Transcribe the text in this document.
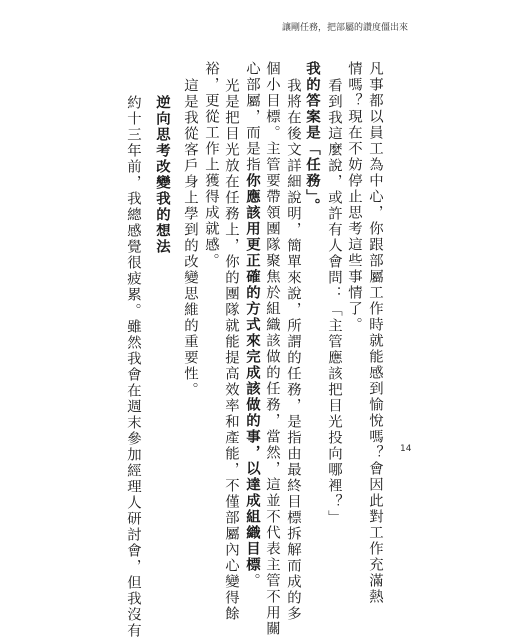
讓剛任務，把部屬的讚度僵出來
凡事都以員工為中心，你跟部屬工作時就能感到愉悅嗎？會因此對工作充滿熱
情嗎？現在不妨停止思考這些事情了。
看到我這麼說，或許有人會問：「主管應該把目光投向哪裡？」
我的答案是「任務」。
我將在後文詳細說明，簡單來說，所謂的任務，是指由最終目標拆解而成的多
個小目標。主管要帶領團隊聚焦於組織該做的任務，當然，這並不代表主管不用關
心部屬，而是指你應該用更正確的方式來完成該做的事，以達成組織目標。
光是把目光放在任務上，你的團隊就能提高效率和產能，不僅部屬內心變得餘
裕，更從工作上獲得成就感。
這是我從客戶身上學到的改變思維的重要性。
逆向思考改變我的想法
約十三年前，我總感覺很疲累。雖然我會在週末參加經理人研討會，但我沒有	14
